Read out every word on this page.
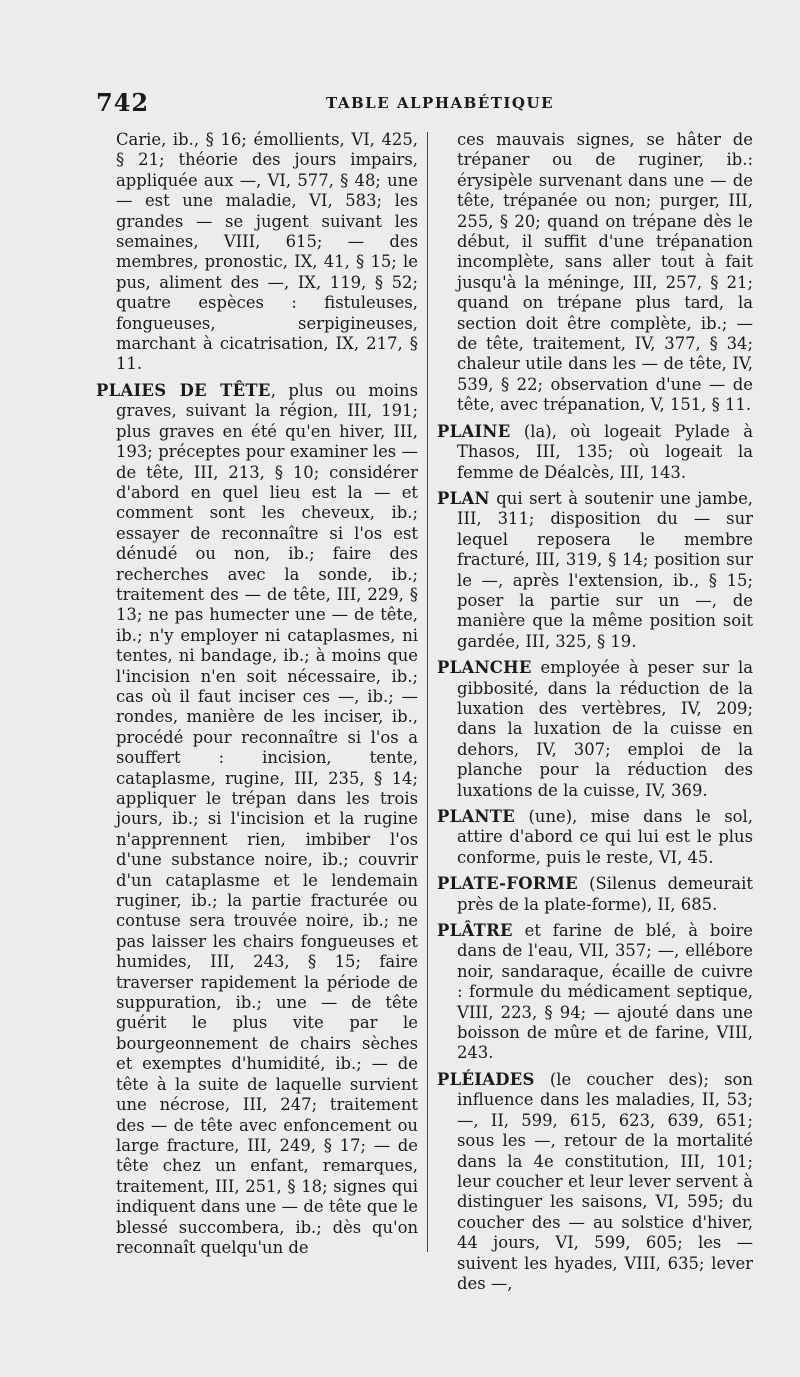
742	TABLE ALPHABÉTIQUE

Carie, ib., § 16; émollients, VI, 425, § 21; théorie des jours impairs, appliquée aux —, VI, 577, § 48; une — est une maladie, VI, 583; les grandes — se jugent suivant les semaines, VIII, 615; — des membres, pronostic, IX, 41, § 15; le pus, aliment des —, IX, 119, § 52; quatre espèces : fistuleuses, fongueuses, serpigineuses, marchant à cicatrisation, IX, 217, § 11.

PLAIES DE TÊTE, plus ou moins graves, suivant la région, III, 191; plus graves en été qu'en hiver, III, 193; préceptes pour examiner les — de tête, III, 213, § 10; considérer d'abord en quel lieu est la — et comment sont les cheveux, ib.; essayer de reconnaître si l'os est dénudé ou non, ib.; faire des recherches avec la sonde, ib.; traitement des — de tête, III, 229, § 13; ne pas humecter une — de tête, ib.; n'y employer ni cataplasmes, ni tentes, ni bandage, ib.; à moins que l'incision n'en soit nécessaire, ib.; cas où il faut inciser ces —, ib.; — rondes, manière de les inciser, ib., procédé pour reconnaître si l'os a souffert : incision, tente, cataplasme, rugine, III, 235, § 14; appliquer le trépan dans les trois jours, ib.; si l'incision et la rugine n'apprennent rien, imbiber l'os d'une substance noire, ib.; couvrir d'un cataplasme et le lendemain ruginer, ib.; la partie fracturée ou contuse sera trouvée noire, ib.; ne pas laisser les chairs fongueuses et humides, III, 243, § 15; faire traverser rapidement la période de suppuration, ib.; une — de tête guérit le plus vite par le bourgeonnement de chairs sèches et exemptes d'humidité, ib.; — de tête à la suite de laquelle survient une nécrose, III, 247; traitement des — de tête avec enfoncement ou large fracture, III, 249, § 17; — de tête chez un enfant, remarques, traitement, III, 251, § 18; signes qui indiquent dans une — de tête que le blessé succombera, ib.; dès qu'on reconnaît quelqu'un de

ces mauvais signes, se hâter de trépaner ou de ruginer, ib.: érysipèle survenant dans une — de tête, trépanée ou non; purger, III, 255, § 20; quand on trépane dès le début, il suffit d'une trépanation incomplète, sans aller tout à fait jusqu'à la méninge, III, 257, § 21; quand on trépane plus tard, la section doit être complète, ib.; — de tête, traitement, IV, 377, § 34; chaleur utile dans les — de tête, IV, 539, § 22; observation d'une — de tête, avec trépanation, V, 151, § 11.

PLAINE (la), où logeait Pylade à Thasos, III, 135; où logeait la femme de Déalcès, III, 143.

PLAN qui sert à soutenir une jambe, III, 311; disposition du — sur lequel reposera le membre fracturé, III, 319, § 14; position sur le —, après l'extension, ib., § 15; poser la partie sur un —, de manière que la même position soit gardée, III, 325, § 19.

PLANCHE employée à peser sur la gibbosité, dans la réduction de la luxation des vertèbres, IV, 209; dans la luxation de la cuisse en dehors, IV, 307; emploi de la planche pour la réduction des luxations de la cuisse, IV, 369.

PLANTE (une), mise dans le sol, attire d'abord ce qui lui est le plus conforme, puis le reste, VI, 45.

PLATE-FORME (Silenus demeurait près de la plate-forme), II, 685.

PLÂTRE et farine de blé, à boire dans de l'eau, VII, 357; —, ellébore noir, sandaraque, écaille de cuivre : formule du médicament septique, VIII, 223, § 94; — ajouté dans une boisson de mûre et de farine, VIII, 243.

PLÉIADES (le coucher des); son influence dans les maladies, II, 53; —, II, 599, 615, 623, 639, 651; sous les —, retour de la mortalité dans la 4e constitution, III, 101; leur coucher et leur lever servent à distinguer les saisons, VI, 595; du coucher des — au solstice d'hiver, 44 jours, VI, 599, 605; les — suivent les hyades, VIII, 635; lever des —,
